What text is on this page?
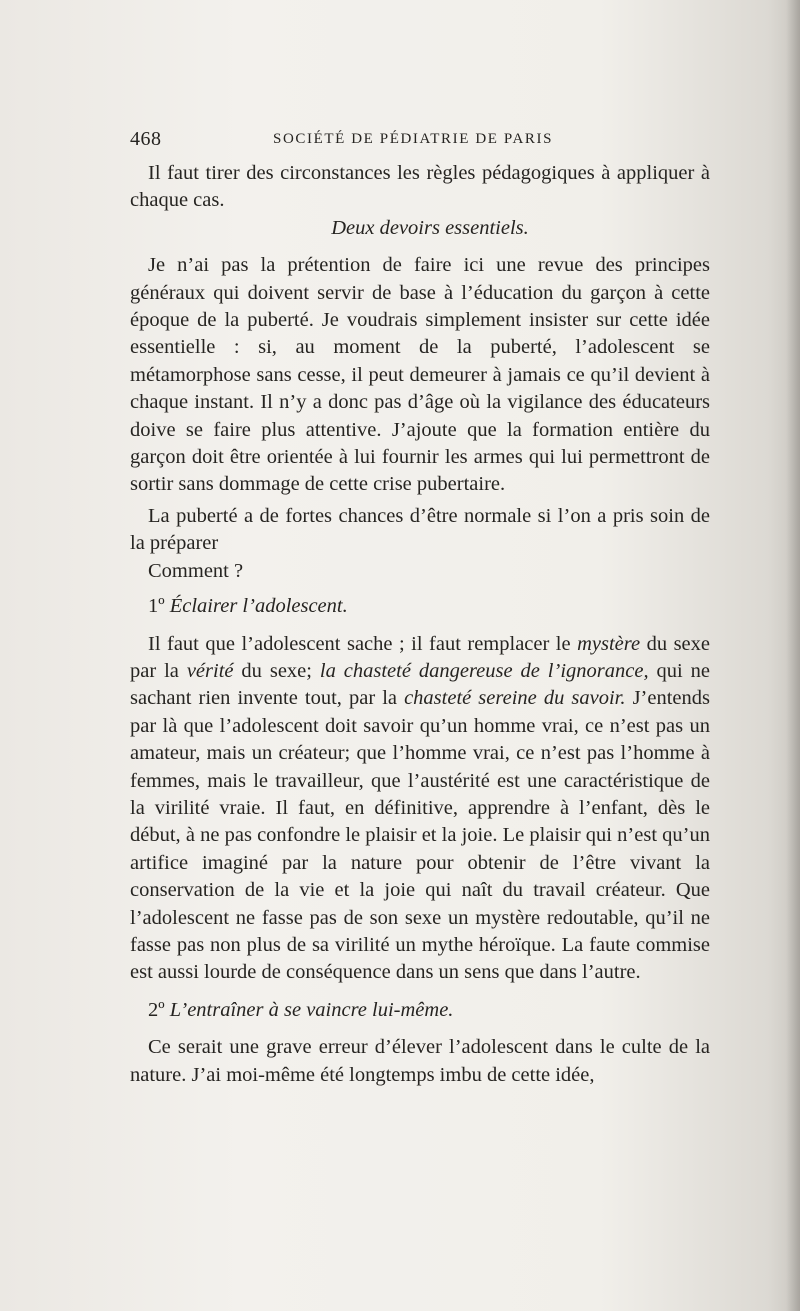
468	SOCIÉTÉ DE PÉDIATRIE DE PARIS

Il faut tirer des circonstances les règles pédagogiques à appliquer à chaque cas.

Deux devoirs essentiels.

Je n’ai pas la prétention de faire ici une revue des principes généraux qui doivent servir de base à l’éducation du garçon à cette époque de la puberté. Je voudrais simplement insister sur cette idée essentielle : si, au moment de la puberté, l’adolescent se métamorphose sans cesse, il peut demeurer à jamais ce qu’il devient à chaque instant. Il n’y a donc pas d’âge où la vigilance des éducateurs doive se faire plus attentive. J’ajoute que la formation entière du garçon doit être orientée à lui fournir les armes qui lui permettront de sortir sans dommage de cette crise pubertaire.

La puberté a de fortes chances d’être normale si l’on a pris soin de la préparer

Comment ?

1º Éclairer l’adolescent.

Il faut que l’adolescent sache ; il faut remplacer le mystère du sexe par la vérité du sexe; la chasteté dangereuse de l’ignorance, qui ne sachant rien invente tout, par la chasteté sereine du savoir. J’entends par là que l’adolescent doit savoir qu’un homme vrai, ce n’est pas un amateur, mais un créateur; que l’homme vrai, ce n’est pas l’homme à femmes, mais le travailleur, que l’austérité est une caractéristique de la virilité vraie. Il faut, en définitive, apprendre à l’enfant, dès le début, à ne pas confondre le plaisir et la joie. Le plaisir qui n’est qu’un artifice imaginé par la nature pour obtenir de l’être vivant la conservation de la vie et la joie qui naît du travail créateur. Que l’adolescent ne fasse pas de son sexe un mystère redoutable, qu’il ne fasse pas non plus de sa virilité un mythe héroïque. La faute commise est aussi lourde de conséquence dans un sens que dans l’autre.

2º L’entraîner à se vaincre lui-même.

Ce serait une grave erreur d’élever l’adolescent dans le culte de la nature. J’ai moi-même été longtemps imbu de cette idée,
